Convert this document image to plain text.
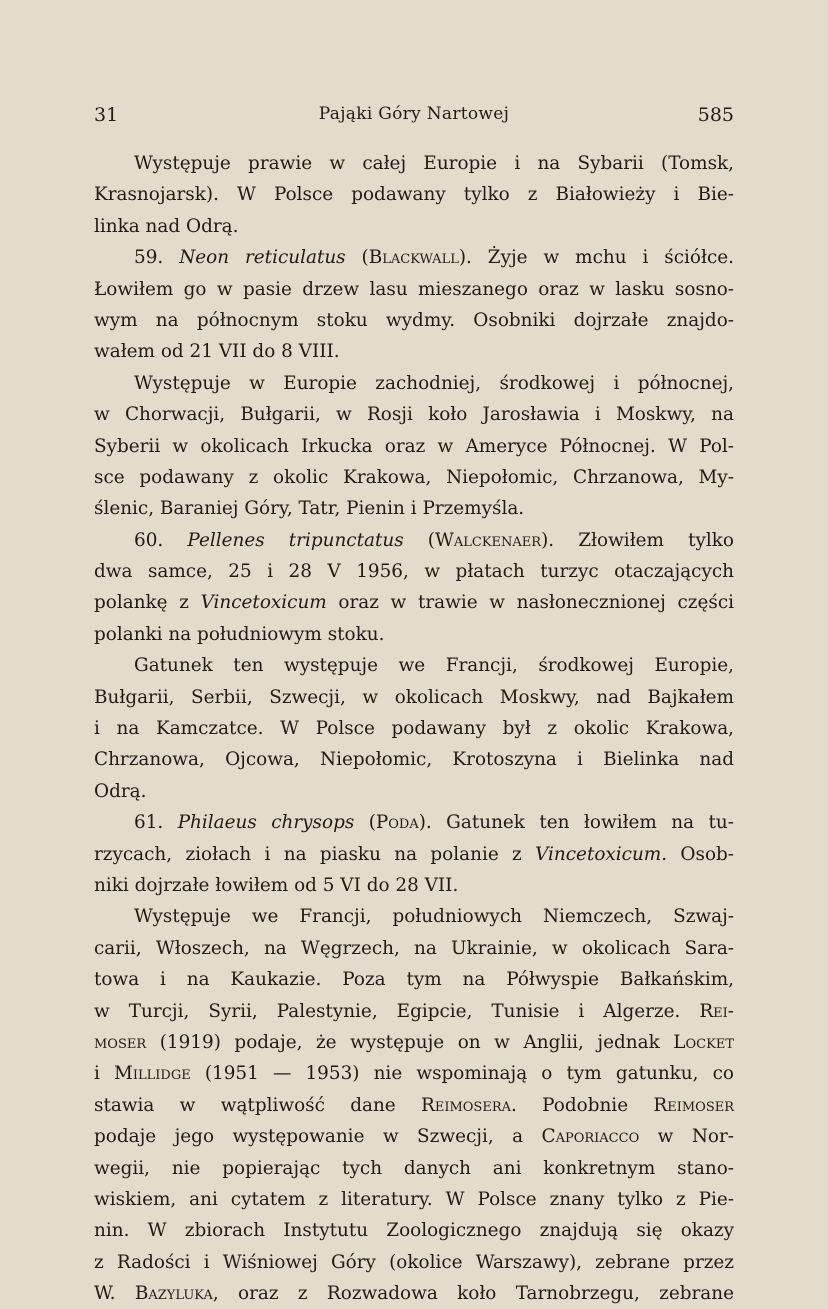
31	Pająki Góry Nartowej	585
Występuje prawie w całej Europie i na Sybarii (Tomsk,
Krasnojarsk). W Polsce podawany tylko z Białowieży i Bie-
linka nad Odrą.
59. Neon reticulatus (Blackwall). Żyje w mchu i ściółce.
Łowiłem go w pasie drzew lasu mieszanego oraz w lasku sosno-
wym na północnym stoku wydmy. Osobniki dojrzałe znajdo-
wałem od 21 VII do 8 VIII.
Występuje w Europie zachodniej, środkowej i północnej,
w Chorwacji, Bułgarii, w Rosji koło Jarosławia i Moskwy, na
Syberii w okolicach Irkucka oraz w Ameryce Północnej. W Pol-
sce podawany z okolic Krakowa, Niepołomic, Chrzanowa, My-
ślenic, Baraniej Góry, Tatr, Pienin i Przemyśla.
60. Pellenes tripunctatus (Walckenaer). Złowiłem tylko
dwa samce, 25 i 28 V 1956, w płatach turzyc otaczających
polankę z Vincetoxicum oraz w trawie w nasłonecznionej części
polanki na południowym stoku.
Gatunek ten występuje we Francji, środkowej Europie,
Bułgarii, Serbii, Szwecji, w okolicach Moskwy, nad Bajkałem
i na Kamczatce. W Polsce podawany był z okolic Krakowa,
Chrzanowa, Ojcowa, Niepołomic, Krotoszyna i Bielinka nad
Odrą.
61. Philaeus chrysops (Poda). Gatunek ten łowiłem na tu-
rzycach, ziołach i na piasku na polanie z Vincetoxicum. Osob-
niki dojrzałe łowiłem od 5 VI do 28 VII.
Występuje we Francji, południowych Niemczech, Szwaj-
carii, Włoszech, na Węgrzech, na Ukrainie, w okolicach Sara-
towa i na Kaukazie. Poza tym na Półwyspie Bałkańskim,
w Turcji, Syrii, Palestynie, Egipcie, Tunisie i Algerze. Rei-
moser (1919) podaje, że występuje on w Anglii, jednak Locket
i Millidge (1951 — 1953) nie wspominają o tym gatunku, co
stawia w wątpliwość dane Reimosera. Podobnie Reimoser
podaje jego występowanie w Szwecji, a Caporiacco w Nor-
wegii, nie popierając tych danych ani konkretnym stano-
wiskiem, ani cytatem z literatury. W Polsce znany tylko z Pie-
nin. W zbiorach Instytutu Zoologicznego znajdują się okazy
z Radości i Wiśniowej Góry (okolice Warszawy), zebrane przez
W. Bazyluka, oraz z Rozwadowa koło Tarnobrzegu, zebrane
